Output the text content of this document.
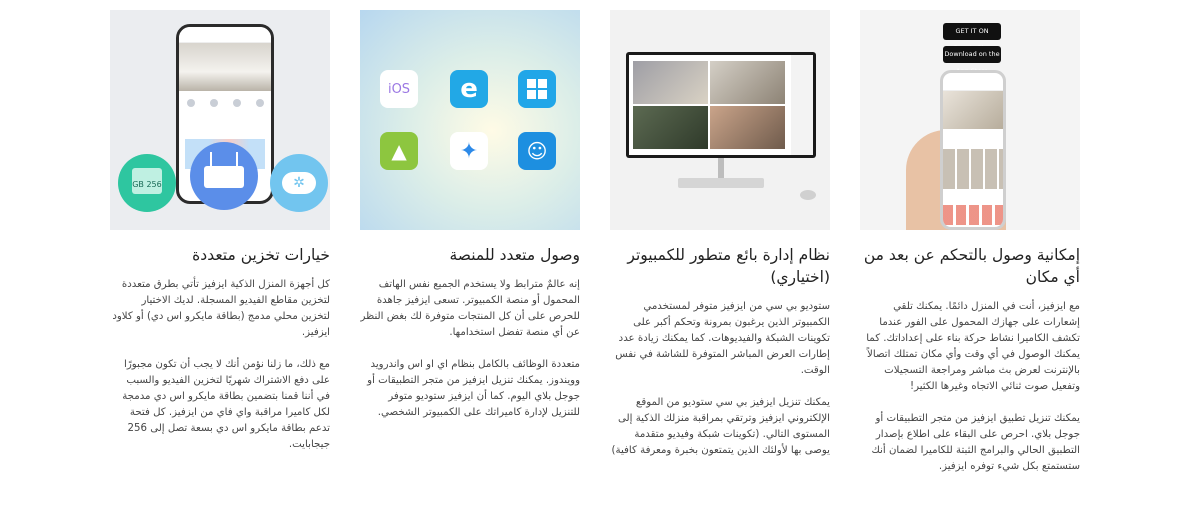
256 GB	✲
خيارات تخزين متعددة

كل أجهزة المنزل الذكية ايزفيز تأتي بطرق متعددة لتخزين مقاطع الفيديو المسجلة. لديك الاختيار لتخزين محلي مدمج (بطاقة مايكرو اس دي) أو كلاود ايزفيز.

مع ذلك، ما زلنا نؤمن أنك لا يجب أن تكون مجبورًا على دفع الاشتراك شهريًا لتخزين الفيديو والسبب في أننا قمنا بتضمين بطاقة مايكرو اس دي مدمجة لكل كاميرا مراقبة واي فاي من ايزفيز. كل فتحة تدعم بطاقة مايكرو اس دي بسعة تصل إلى 256 جيجابايت.

iOS	e
▲	✦	☺
وصول متعدد للمنصة

إنه عالمٌ مترابط ولا يستخدم الجميع نفس الهاتف المحمول أو منصة الكمبيوتر. تسعى ايزفيز جاهدة للحرص على أن كل المنتجات متوفرة لك بغض النظر عن أي منصة تفضل استخدامها.

متعددة الوظائف بالكامل بنظام اي او اس واندرويد وويندوز. يمكنك تنزيل ايزفيز من متجر التطبيقات أو جوجل بلاي اليوم. كما أن ايزفيز ستوديو متوفر للتنزيل لإدارة كاميراتك على الكمبيوتر الشخصي.

نظام إدارة بائع متطور للكمبيوتر (اختياري)

ستوديو بي سي من ايزفيز متوفر لمستخدمي الكمبيوتر الذين يرغبون بمرونة وتحكم أكبر على تكوينات الشبكة والفيديوهات. كما يمكنك زيادة عدد إطارات العرض المباشر المتوفرة للشاشة في نفس الوقت.

يمكنك تنزيل ايزفيز بي سي ستوديو من الموقع الإلكتروني ايزفيز وترتقي بمراقبة منزلك الذكية إلى المستوى التالي. (تكوينات شبكة وفيديو متقدمة يوصى بها لأولئك الذين يتمتعون بخبرة ومعرفة كافية)

GET IT ON
Download on the
إمكانية وصول بالتحكم عن بعد من أي مكان

مع ايزفيز، أنت في المنزل دائمًا. يمكنك تلقي إشعارات على جهازك المحمول على الفور عندما تكشف الكاميرا نشاط حركة بناء على إعداداتك. كما يمكنك الوصول في أي وقت وأي مكان تمتلك اتصالاً بالإنترنت لعرض بث مباشر ومراجعة التسجيلات وتفعيل صوت ثنائي الاتجاه وغيرها الكثير!

يمكنك تنزيل تطبيق ايزفيز من متجر التطبيقات أو جوجل بلاي. احرص على البقاء على اطلاع بإصدار التطبيق الحالي والبرامج الثبتة للكاميرا لضمان أنك ستستمتع بكل شيء توفره ايزفيز.
